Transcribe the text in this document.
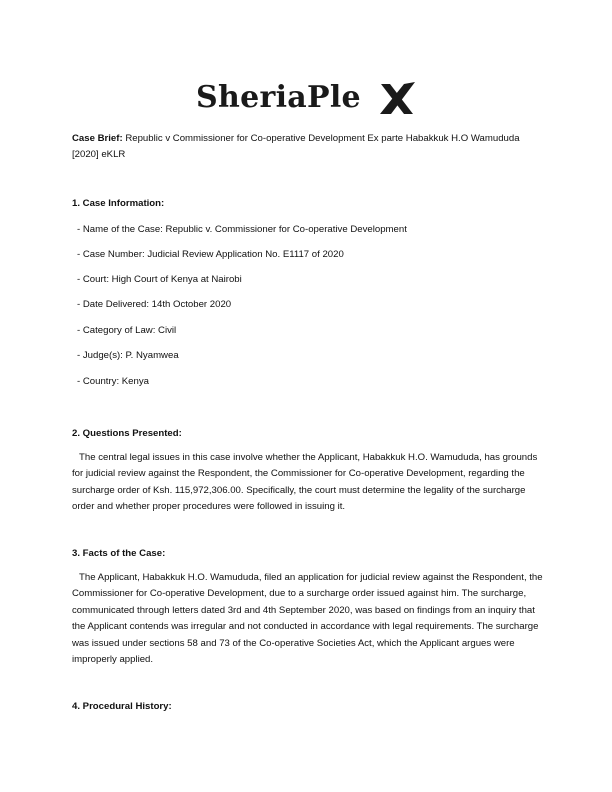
SheriaPle
Case Brief: Republic v Commissioner for Co-operative Development Ex parte Habakkuk H.O Wamududa [2020] eKLR
1. Case Information:
- Name of the Case: Republic v. Commissioner for Co-operative Development
- Case Number: Judicial Review Application No. E1117 of 2020
- Court: High Court of Kenya at Nairobi
- Date Delivered: 14th October 2020
- Category of Law: Civil
- Judge(s): P. Nyamwea
- Country: Kenya
2. Questions Presented:
The central legal issues in this case involve whether the Applicant, Habakkuk H.O. Wamududa, has grounds for judicial review against the Respondent, the Commissioner for Co-operative Development, regarding the surcharge order of Ksh. 115,972,306.00. Specifically, the court must determine the legality of the surcharge order and whether proper procedures were followed in issuing it.
3. Facts of the Case:
The Applicant, Habakkuk H.O. Wamududa, filed an application for judicial review against the Respondent, the Commissioner for Co-operative Development, due to a surcharge order issued against him. The surcharge, communicated through letters dated 3rd and 4th September 2020, was based on findings from an inquiry that the Applicant contends was irregular and not conducted in accordance with legal requirements. The surcharge was issued under sections 58 and 73 of the Co-operative Societies Act, which the Applicant argues were improperly applied.
4. Procedural History:
